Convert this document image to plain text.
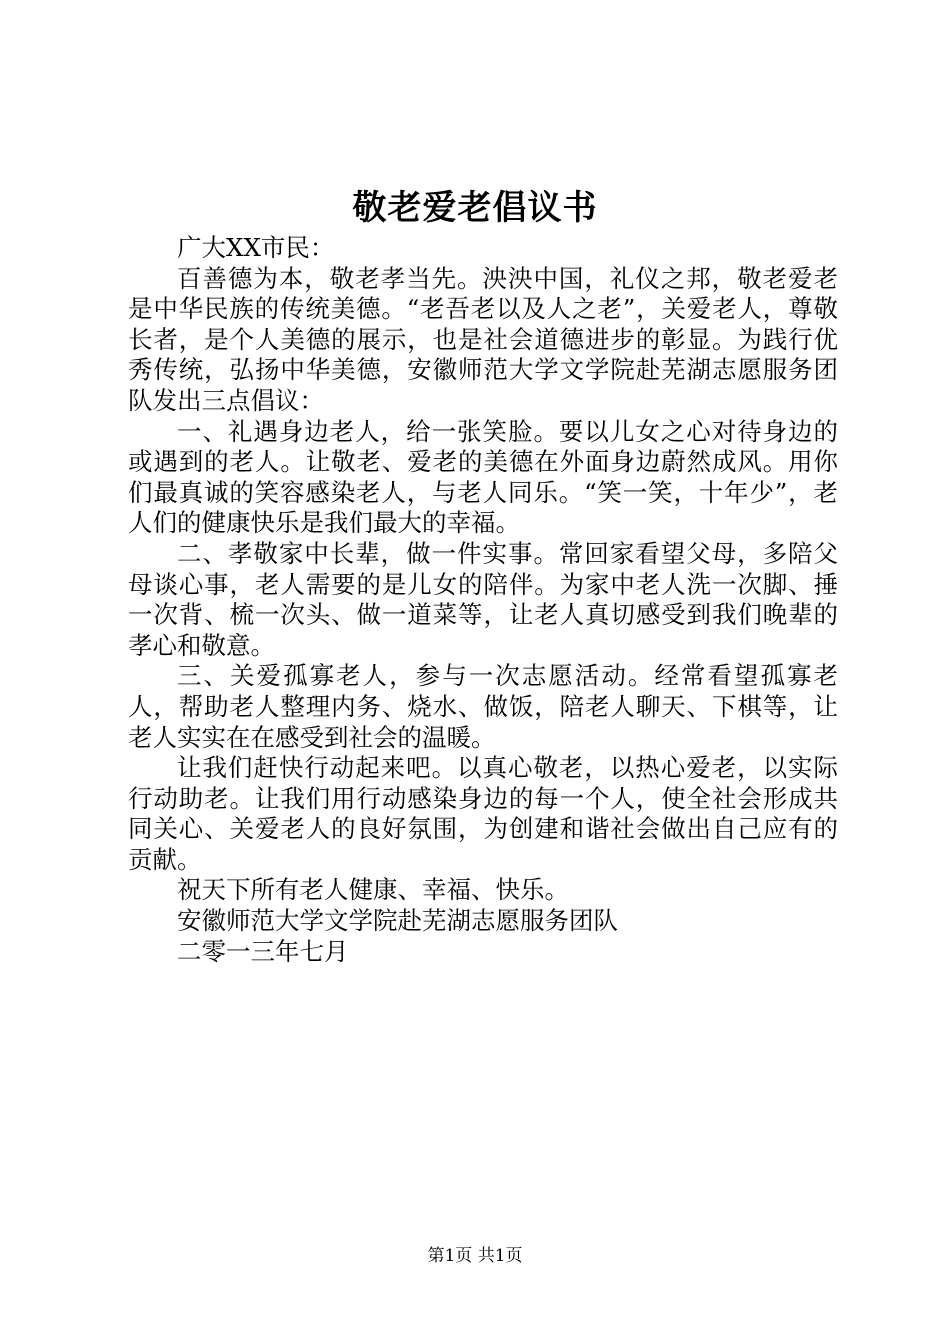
敬老爱老倡议书

广大XX市民：

百善德为本，敬老孝当先。泱泱中国，礼仪之邦，敬老爱老是中华民族的传统美德。“老吾老以及人之老”，关爱老人，尊敬长者，是个人美德的展示，也是社会道德进步的彰显。为践行优秀传统，弘扬中华美德，安徽师范大学文学院赴芜湖志愿服务团队发出三点倡议：

一、礼遇身边老人，给一张笑脸。要以儿女之心对待身边的或遇到的老人。让敬老、爱老的美德在外面身边蔚然成风。用你们最真诚的笑容感染老人，与老人同乐。“笑一笑，十年少”，老人们的健康快乐是我们最大的幸福。

二、孝敬家中长辈，做一件实事。常回家看望父母，多陪父母谈心事，老人需要的是儿女的陪伴。为家中老人洗一次脚、捶一次背、梳一次头、做一道菜等，让老人真切感受到我们晚辈的孝心和敬意。

三、关爱孤寡老人，参与一次志愿活动。经常看望孤寡老人，帮助老人整理内务、烧水、做饭，陪老人聊天、下棋等，让老人实实在在感受到社会的温暖。

让我们赶快行动起来吧。以真心敬老，以热心爱老，以实际行动助老。让我们用行动感染身边的每一个人，使全社会形成共同关心、关爱老人的良好氛围，为创建和谐社会做出自己应有的贡献。

祝天下所有老人健康、幸福、快乐。

安徽师范大学文学院赴芜湖志愿服务团队

二零一三年七月

第1页 共1页
